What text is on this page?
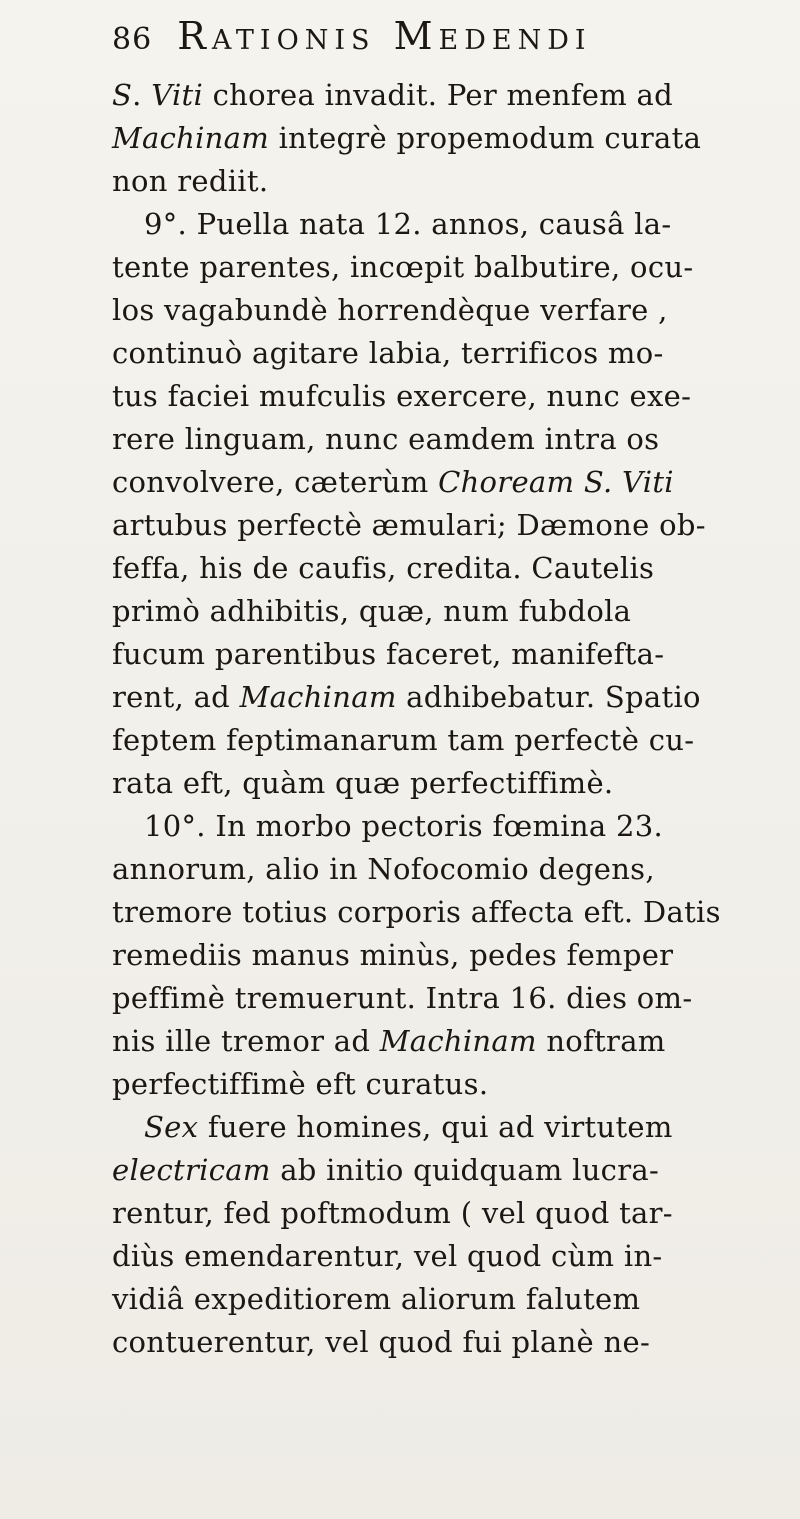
86 Rationis Medendi
S. Viti chorea invadit. Per menfem ad
Machinam integrè propemodum curata
non rediit.
9°. Puella nata 12. annos, causâ la-
tente parentes, incœpit balbutire, ocu-
los vagabundè horrendèque verfare ,
continuò agitare labia, terrificos mo-
tus faciei mufculis exercere, nunc exe-
rere linguam, nunc eamdem intra os
convolvere, cæterùm Choream S. Viti
artubus perfectè æmulari; Dæmone ob-
feffa, his de caufis, credita. Cautelis
primò adhibitis, quæ, num fubdola
fucum parentibus faceret, manifefta-
rent, ad Machinam adhibebatur. Spatio
feptem feptimanarum tam perfectè cu-
rata eft, quàm quæ perfectiffimè.
10°. In morbo pectoris fœmina 23.
annorum, alio in Nofocomio degens,
tremore totius corporis affecta eft. Datis
remediis manus minùs, pedes femper
peffimè tremuerunt. Intra 16. dies om-
nis ille tremor ad Machinam noftram
perfectiffimè eft curatus.
Sex fuere homines, qui ad virtutem
electricam ab initio quidquam lucra-
rentur, fed poftmodum ( vel quod tar-
diùs emendarentur, vel quod cùm in-
vidiâ expeditiorem aliorum falutem
contuerentur, vel quod fui planè ne-
